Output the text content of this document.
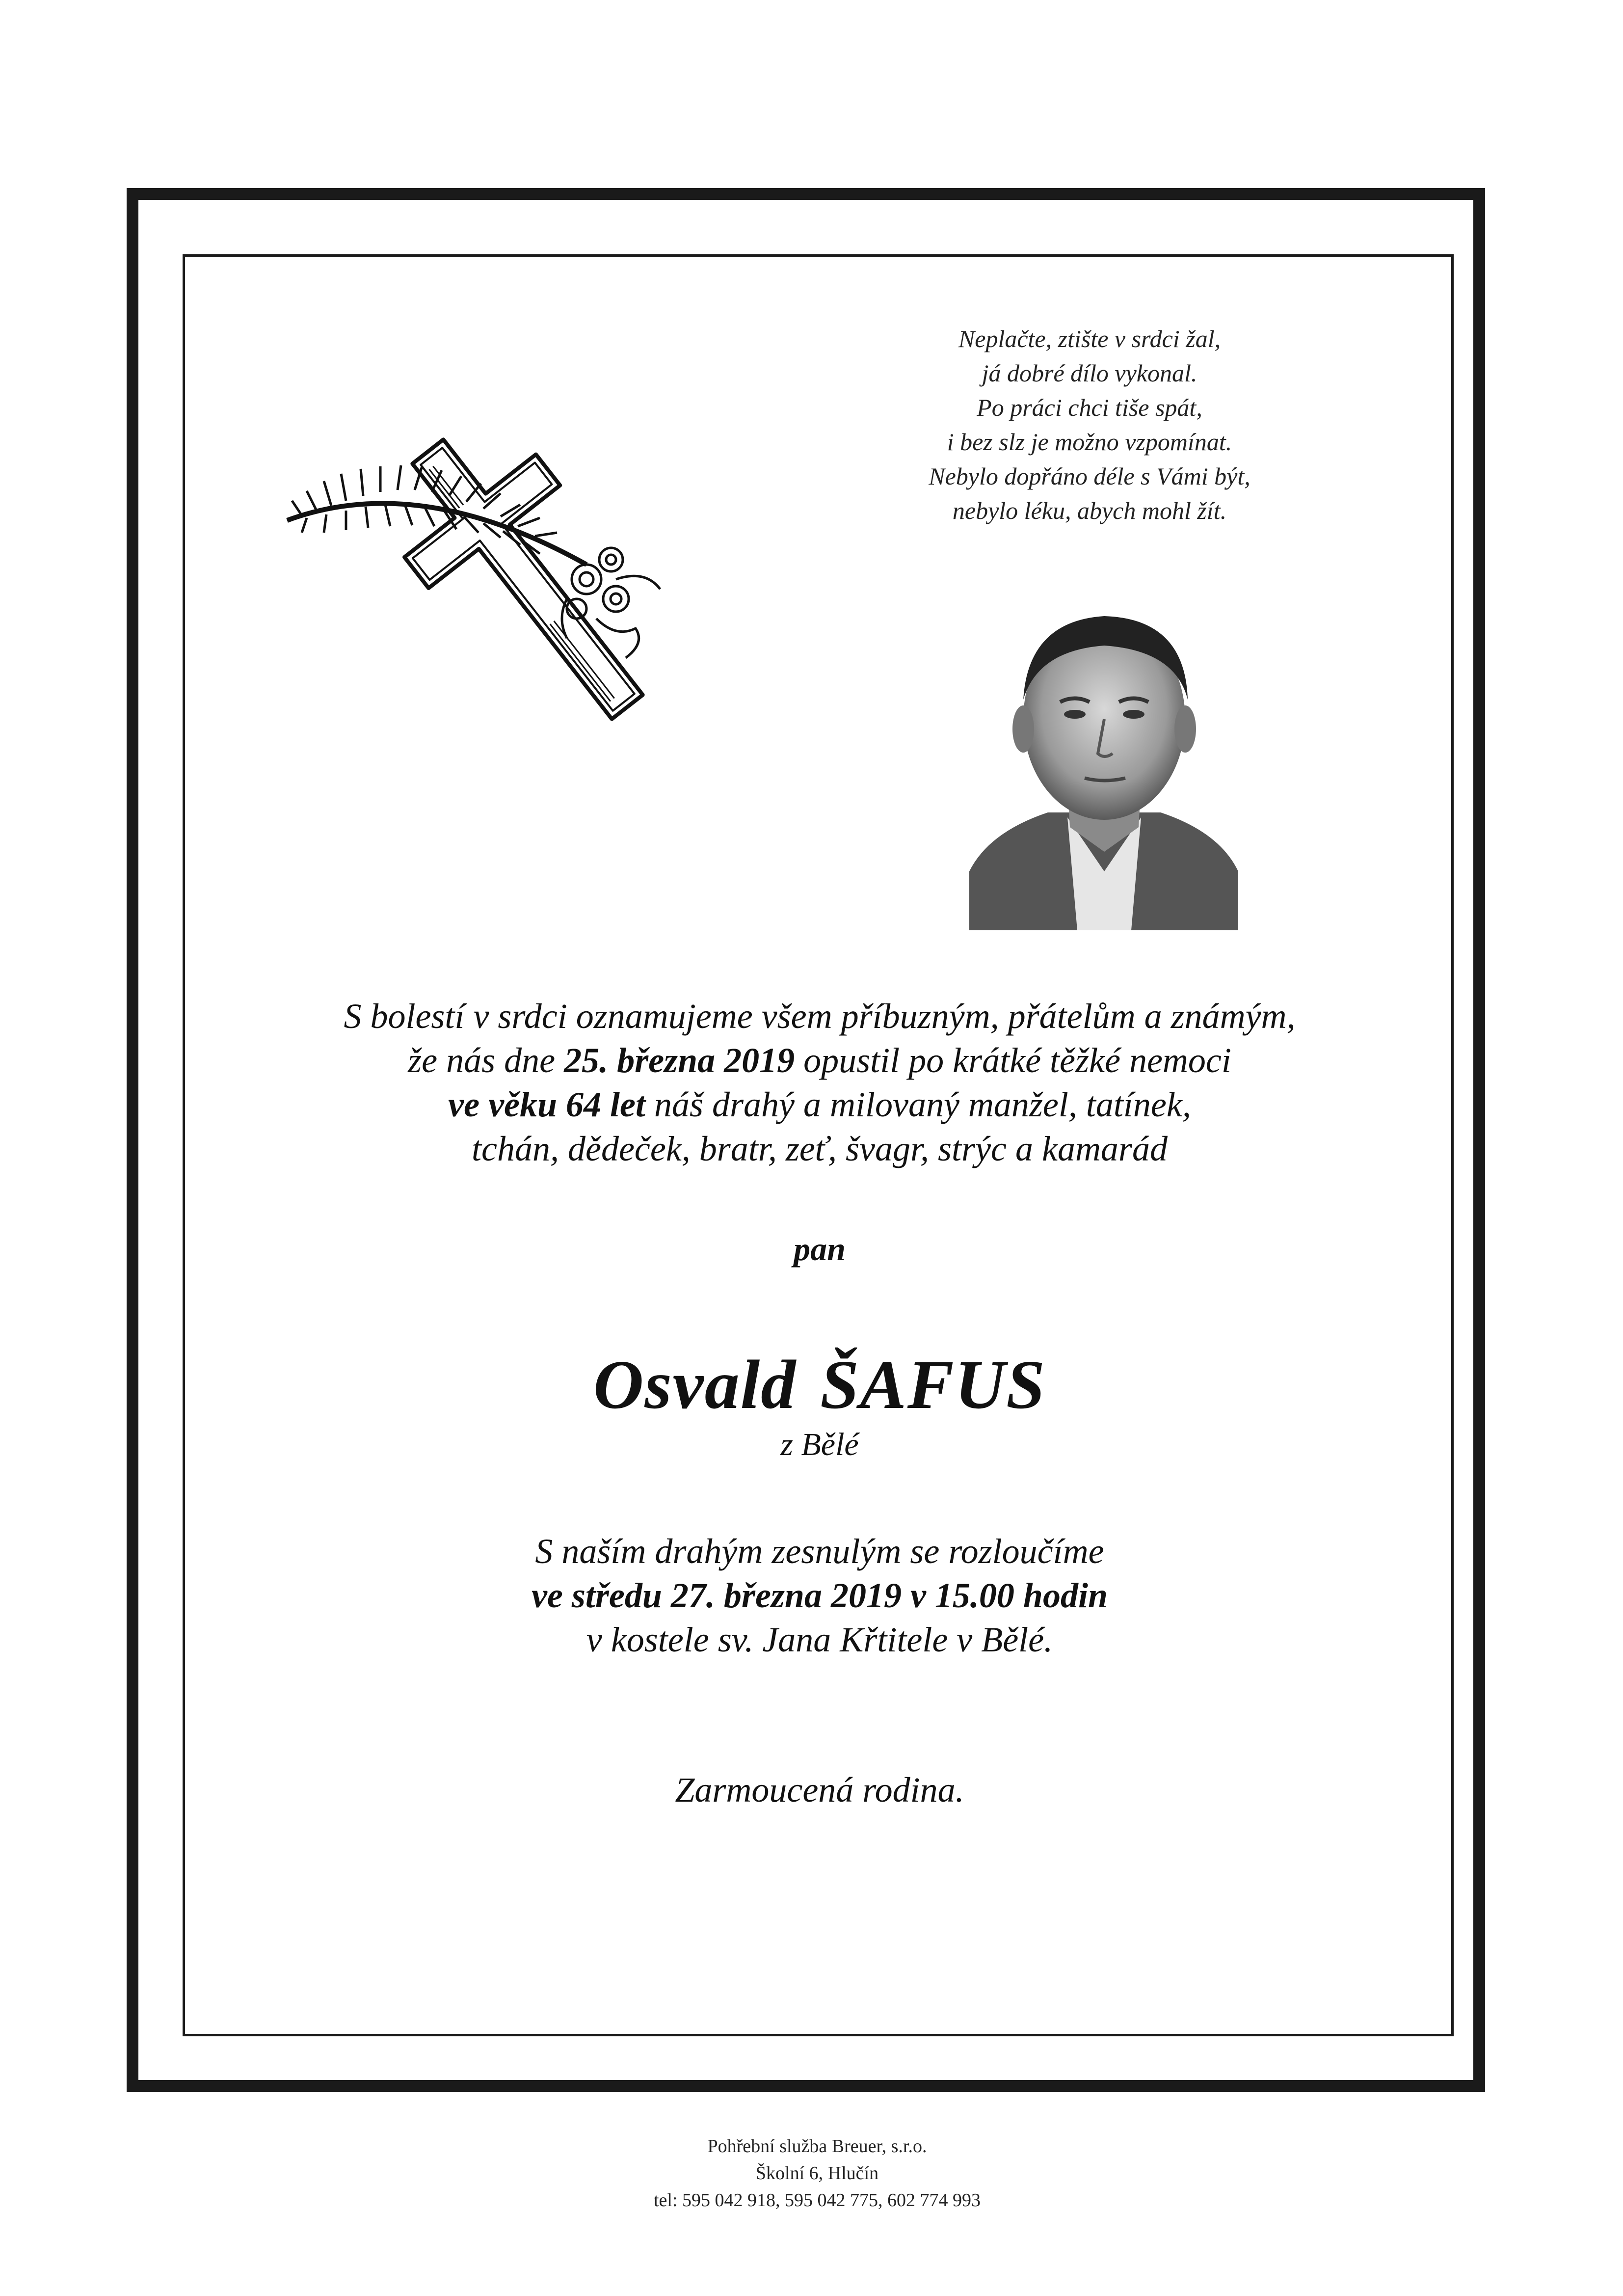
Neplačte, ztište v srdci žal,
já dobré dílo vykonal.
Po práci chci tiše spát,
i bez slz je možno vzpomínat.
Nebylo dopřáno déle s Vámi být,
nebylo léku, abych mohl žít.
S bolestí v srdci oznamujeme všem příbuzným, přátelům a známým,
že nás dne 25. března 2019 opustil po krátké těžké nemoci
ve věku 64 let náš drahý a milovaný manžel, tatínek,
tchán, dědeček, bratr, zeť, švagr, strýc a kamarád
pan
Osvald ŠAFUS
z Bělé
S naším drahým zesnulým se rozloučíme
ve středu 27. března 2019 v 15.00 hodin
v kostele sv. Jana Křtitele v Bělé.
Zarmoucená rodina.
Pohřební služba Breuer, s.r.o.
Školní 6, Hlučín
tel: 595 042 918, 595 042 775, 602 774 993
